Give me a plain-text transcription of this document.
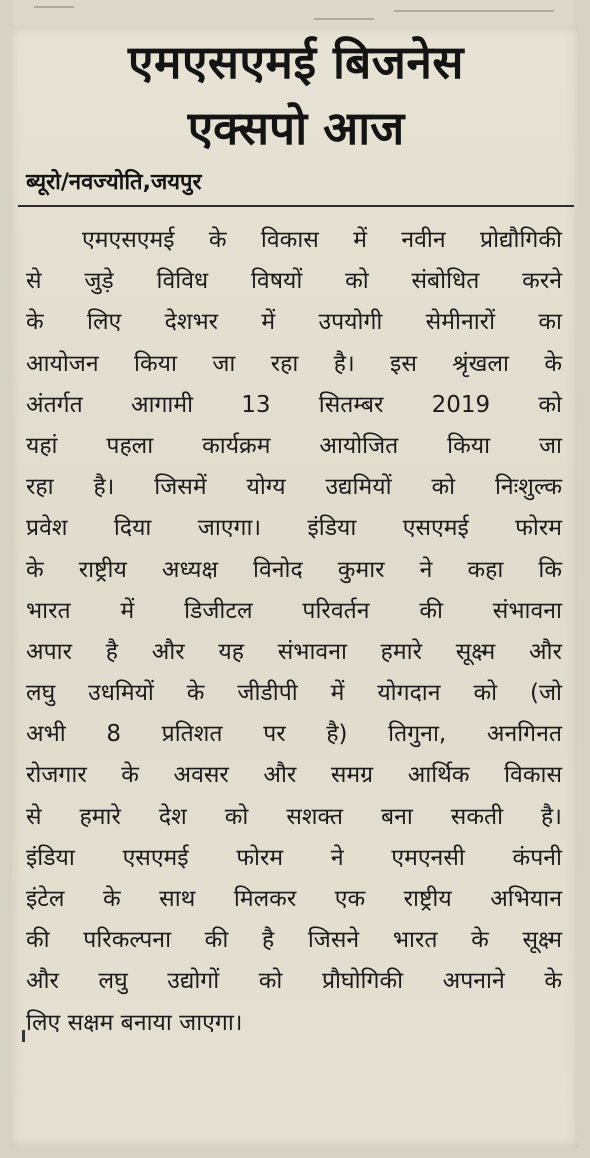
एमएसएमई बिजनेस
एक्सपो आज
ब्यूरो/नवज्योति,जयपुर
एमएसएमई के विकास में नवीन प्रोद्यौगिकी
से जुड़े विविध विषयों को संबोधित करने
के लिए देशभर में उपयोगी सेमीनारों का
आयोजन किया जा रहा है। इस श्रृंखला के
अंतर्गत आगामी 13 सितम्बर 2019 को
यहां पहला कार्यक्रम आयोजित किया जा
रहा है। जिसमें योग्य उद्यमियों को निःशुल्क
प्रवेश दिया जाएगा। इंडिया एसएमई फोरम
के राष्ट्रीय अध्यक्ष विनोद कुमार ने कहा कि
भारत में डिजीटल परिवर्तन की संभावना
अपार है और यह संभावना हमारे सूक्ष्म और
लघु उधमियों के जीडीपी में योगदान को (जो
अभी 8 प्रतिशत पर है) तिगुना, अनगिनत
रोजगार के अवसर और समग्र आर्थिक विकास
से हमारे देश को सशक्त बना सकती है।
इंडिया एसएमई फोरम ने एमएनसी कंपनी
इंटेल के साथ मिलकर एक राष्ट्रीय अभियान
की परिकल्पना की है जिसने भारत के सूक्ष्म
और लघु उद्योगों को प्रौघोगिकी अपनाने के
लिए सक्षम बनाया जाएगा।
